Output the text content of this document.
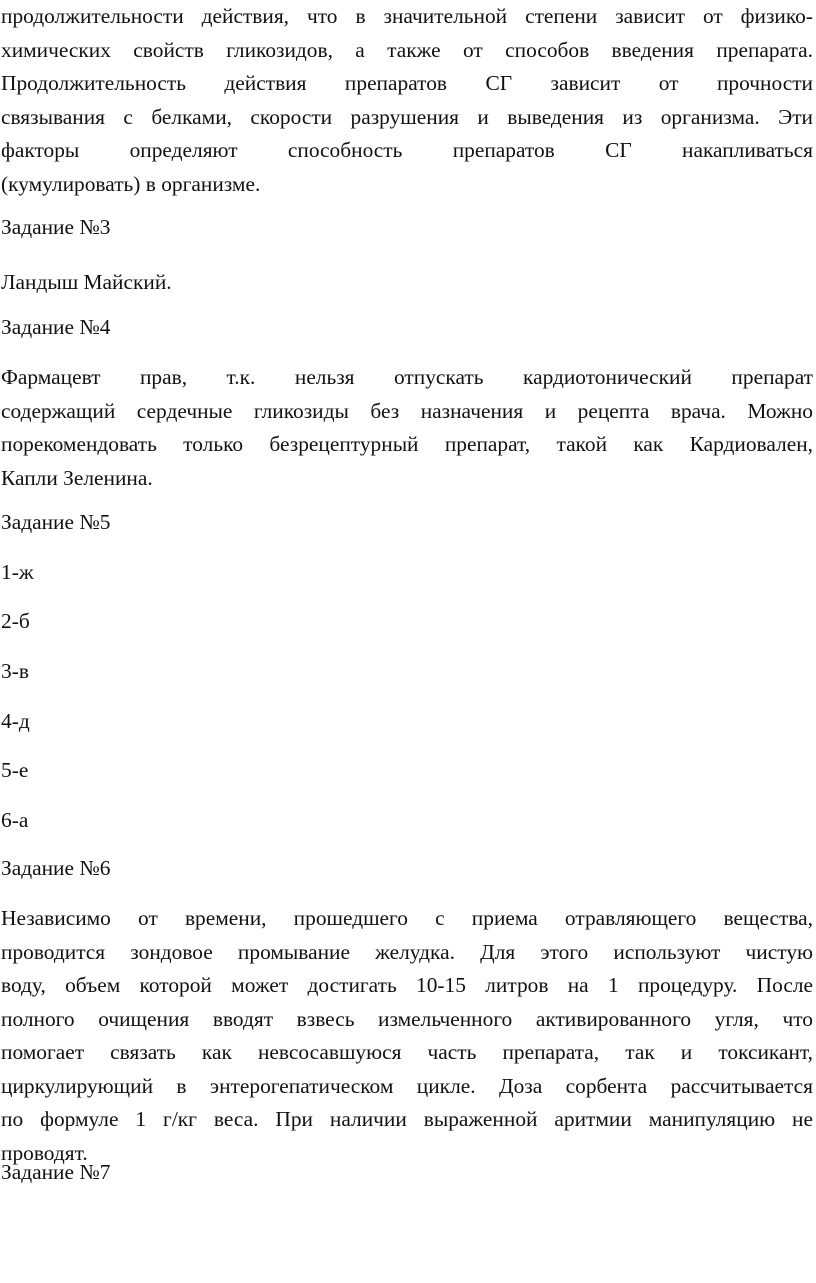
продолжительности действия, что в значительной степени зависит от физико-
химических свойств гликозидов, а также от способов введения препарата.
Продолжительность действия препаратов СГ зависит от прочности
связывания с белками, скорости разрушения и выведения из организма. Эти
факторы определяют способность препаратов СГ накапливаться
(кумулировать) в организме.

Задание №3

Ландыш Майский.

Задание №4

Фармацевт прав, т.к. нельзя отпускать кардиотонический препарат
содержащий сердечные гликозиды без назначения и рецепта врача. Можно
порекомендовать только безрецептурный препарат, такой как Кардиовален,
Капли Зеленина.

Задание №5

1-ж

2-б

3-в

4-д

5-е

6-а

Задание №6

Независимо от времени, прошедшего с приема отравляющего вещества,
проводится зондовое промывание желудка. Для этого используют чистую
воду, объем которой может достигать 10-15 литров на 1 процедуру. После
полного очищения вводят взвесь измельченного активированного угля, что
помогает связать как невсосавшуюся часть препарата, так и токсикант,
циркулирующий в энтерогепатическом цикле. Доза сорбента рассчитывается
по формуле 1 г/кг веса. При наличии выраженной аритмии манипуляцию не
проводят.

Задание №7
